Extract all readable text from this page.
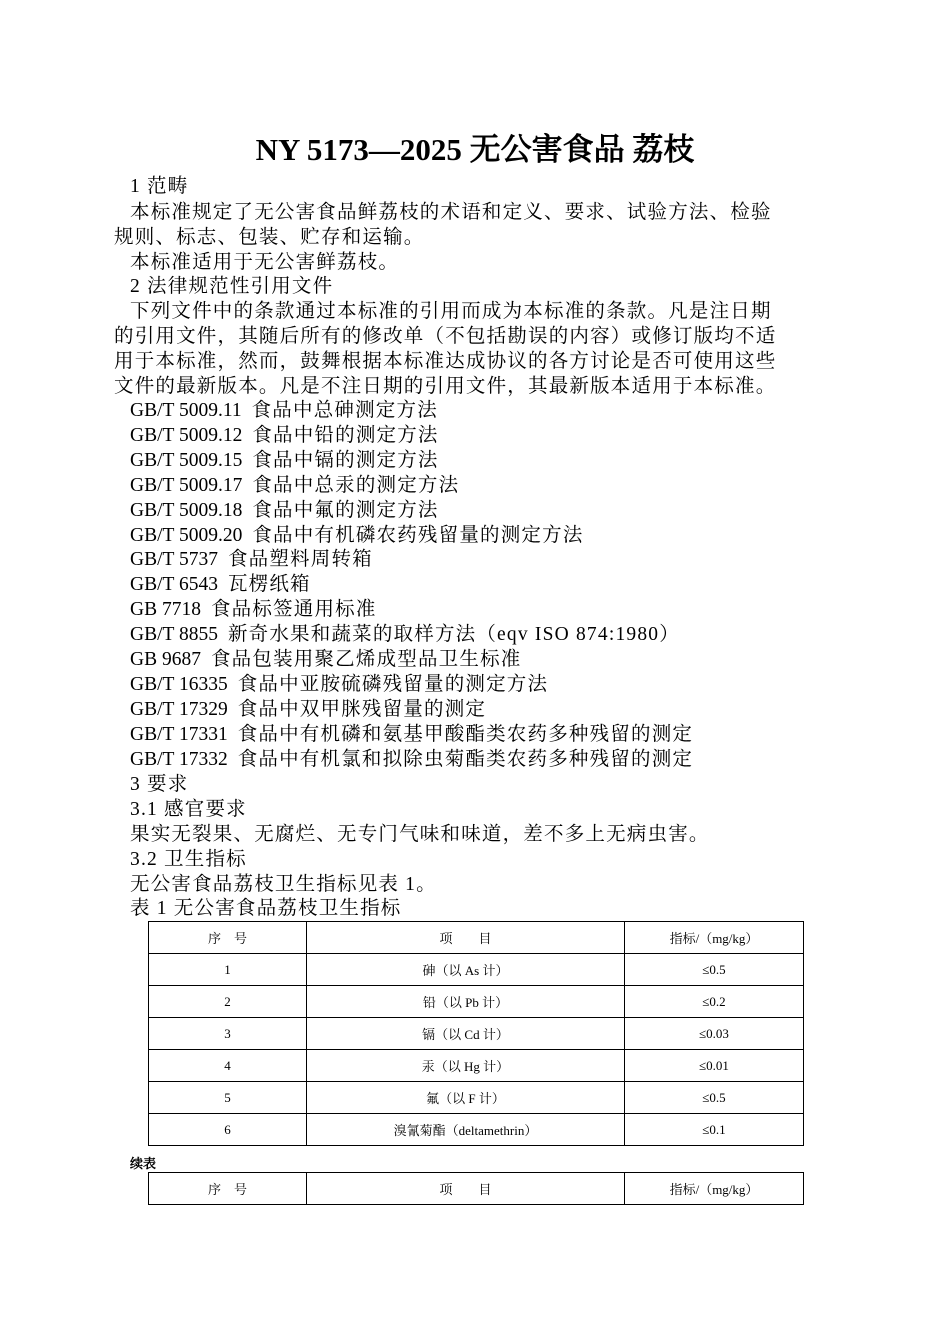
NY 5173—2025 无公害食品 荔枝
1 范畴
本标准规定了无公害食品鲜荔枝的术语和定义、要求、试验方法、检验
规则、标志、包装、贮存和运输。
本标准适用于无公害鲜荔枝。
2 法律规范性引用文件
下列文件中的条款通过本标准的引用而成为本标准的条款。凡是注日期
的引用文件，其随后所有的修改单（不包括勘误的内容）或修订版均不适
用于本标准，然而，鼓舞根据本标准达成协议的各方讨论是否可使用这些
文件的最新版本。凡是不注日期的引用文件，其最新版本适用于本标准。
GB/T 5009.11 食品中总砷测定方法
GB/T 5009.12 食品中铅的测定方法
GB/T 5009.15 食品中镉的测定方法
GB/T 5009.17 食品中总汞的测定方法
GB/T 5009.18 食品中氟的测定方法
GB/T 5009.20 食品中有机磷农药残留量的测定方法
GB/T 5737 食品塑料周转箱
GB/T 6543 瓦楞纸箱
GB 7718 食品标签通用标准
GB/T 8855 新奇水果和蔬菜的取样方法（eqv ISO 874:1980）
GB 9687 食品包装用聚乙烯成型品卫生标准
GB/T 16335 食品中亚胺硫磷残留量的测定方法
GB/T 17329 食品中双甲脒残留量的测定
GB/T 17331 食品中有机磷和氨基甲酸酯类农药多种残留的测定
GB/T 17332 食品中有机氯和拟除虫菊酯类农药多种残留的测定
3 要求
3.1 感官要求
果实无裂果、无腐烂、无专门气味和味道，差不多上无病虫害。
3.2 卫生指标
无公害食品荔枝卫生指标见表 1。
表 1 无公害食品荔枝卫生指标
序　号	项　　目	指标/（mg/kg）
1	砷（以 As 计）	≤0.5
2	铅（以 Pb 计）	≤0.2
3	镉（以 Cd 计）	≤0.03
4	汞（以 Hg 计）	≤0.01
5	氟（以 F 计）	≤0.5
6	溴氰菊酯（deltamethrin）	≤0.1
续表
序　号	项　　目	指标/（mg/kg）
